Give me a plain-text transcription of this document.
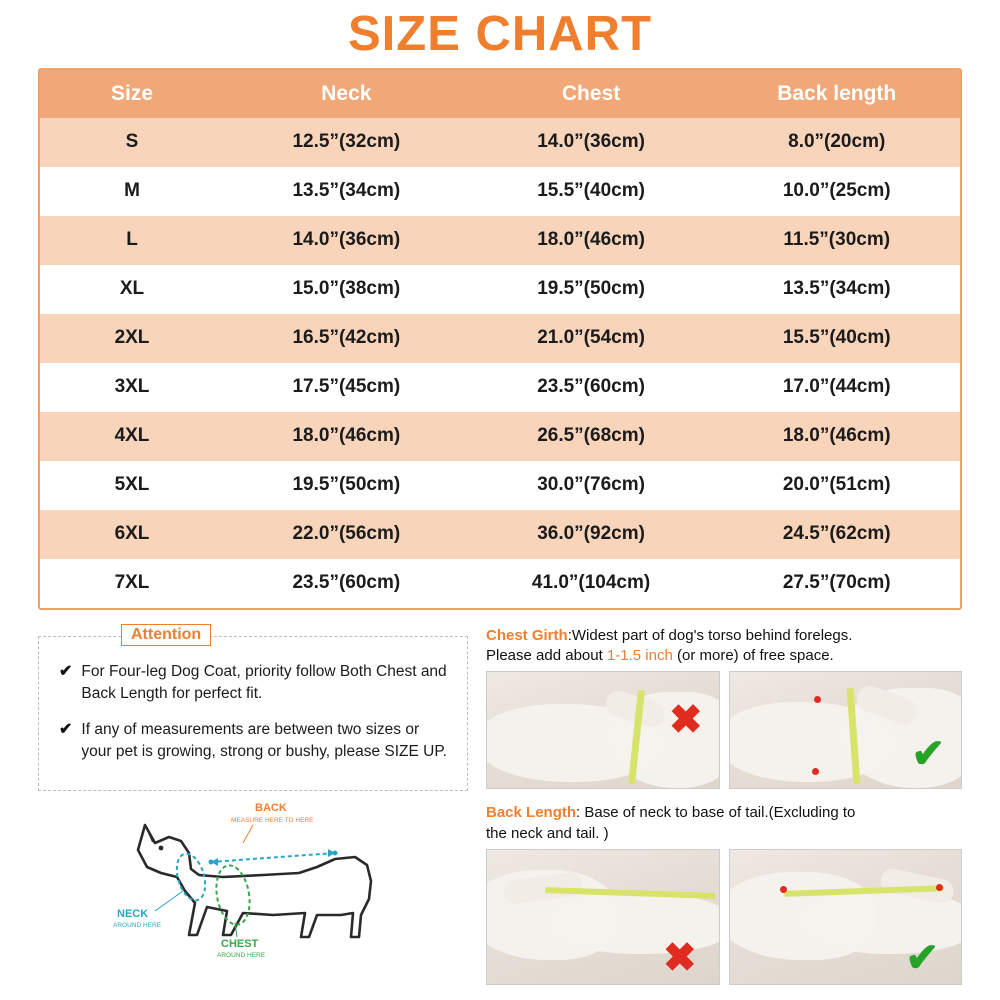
SIZE CHART
Size	Neck	Chest	Back length
S	12.5”(32cm)	14.0”(36cm)	8.0”(20cm)
M	13.5”(34cm)	15.5”(40cm)	10.0”(25cm)
L	14.0”(36cm)	18.0”(46cm)	11.5”(30cm)
XL	15.0”(38cm)	19.5”(50cm)	13.5”(34cm)
2XL	16.5”(42cm)	21.0”(54cm)	15.5”(40cm)
3XL	17.5”(45cm)	23.5”(60cm)	17.0”(44cm)
4XL	18.0”(46cm)	26.5”(68cm)	18.0”(46cm)
5XL	19.5”(50cm)	30.0”(76cm)	20.0”(51cm)
6XL	22.0”(56cm)	36.0”(92cm)	24.5”(62cm)
7XL	23.5”(60cm)	41.0”(104cm)	27.5”(70cm)
Attention
✔ For Four-leg Dog Coat, priority follow Both Chest and Back Length for perfect fit.
✔ If any of measurements are between two sizes or your pet is growing, strong or bushy, please SIZE UP.
BACK
MEASURE HERE TO HERE
NECK
AROUND HERE
CHEST
AROUND HERE
Chest Girth:Widest part of dog's torso behind forelegs.
Please add about 1-1.5 inch (or more) of free space.
✖
✔
Back Length: Base of neck to base of tail.(Excluding to
the neck and tail. )
✖	✔
